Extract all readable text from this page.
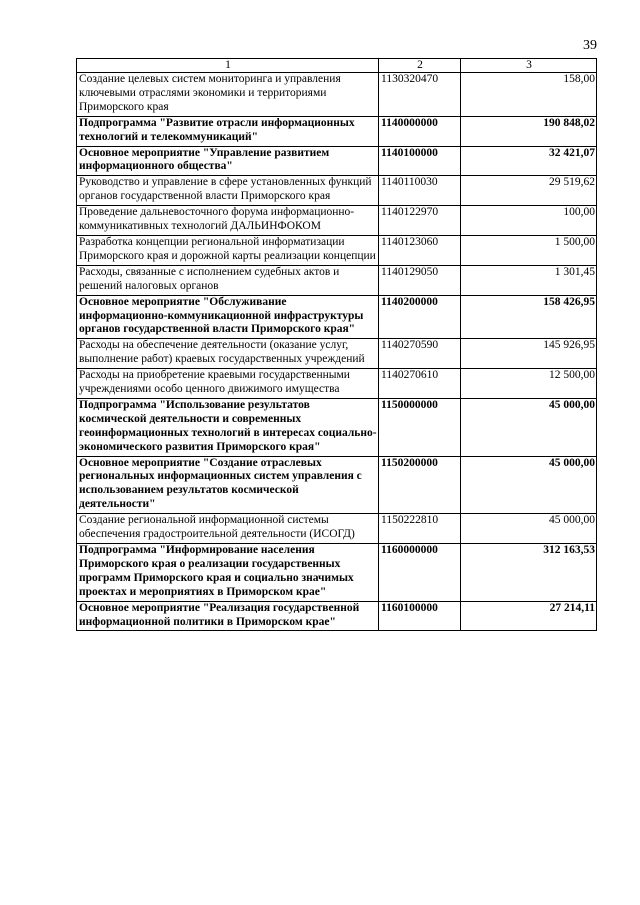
39
1	2	3
Создание целевых систем мониторинга и управления ключевыми отраслями экономики и территориями Приморского края	1130320470	158,00
Подпрограмма "Развитие отрасли информационных технологий и телекоммуникаций"	1140000000	190 848,02
Основное мероприятие "Управление развитием информационного общества"	1140100000	32 421,07
Руководство и управление в сфере установленных функций органов государственной власти Приморского края	1140110030	29 519,62
Проведение дальневосточного форума информационно-коммуникативных технологий ДАЛЬИНФОКОМ	1140122970	100,00
Разработка концепции региональной информатизации Приморского края и дорожной карты реализации концепции	1140123060	1 500,00
Расходы, связанные с исполнением судебных актов и решений налоговых органов	1140129050	1 301,45
Основное мероприятие "Обслуживание информационно-коммуникационной инфраструктуры органов государственной власти Приморского края"	1140200000	158 426,95
Расходы на обеспечение деятельности (оказание услуг, выполнение работ) краевых государственных учреждений	1140270590	145 926,95
Расходы на приобретение краевыми государственными учреждениями особо ценного движимого имущества	1140270610	12 500,00
Подпрограмма "Использование результатов космической деятельности и современных геоинформационных технологий в интересах социально-экономического развития Приморского края"	1150000000	45 000,00
Основное мероприятие "Создание отраслевых региональных информационных систем управления с использованием результатов космической деятельности"	1150200000	45 000,00
Создание региональной информационной системы обеспечения градостроительной деятельности (ИСОГД)	1150222810	45 000,00
Подпрограмма "Информирование населения Приморского края о реализации государственных программ Приморского края и социально значимых проектах и мероприятиях в Приморском крае"	1160000000	312 163,53
Основное мероприятие "Реализация государственной информационной политики в Приморском крае"	1160100000	27 214,11
